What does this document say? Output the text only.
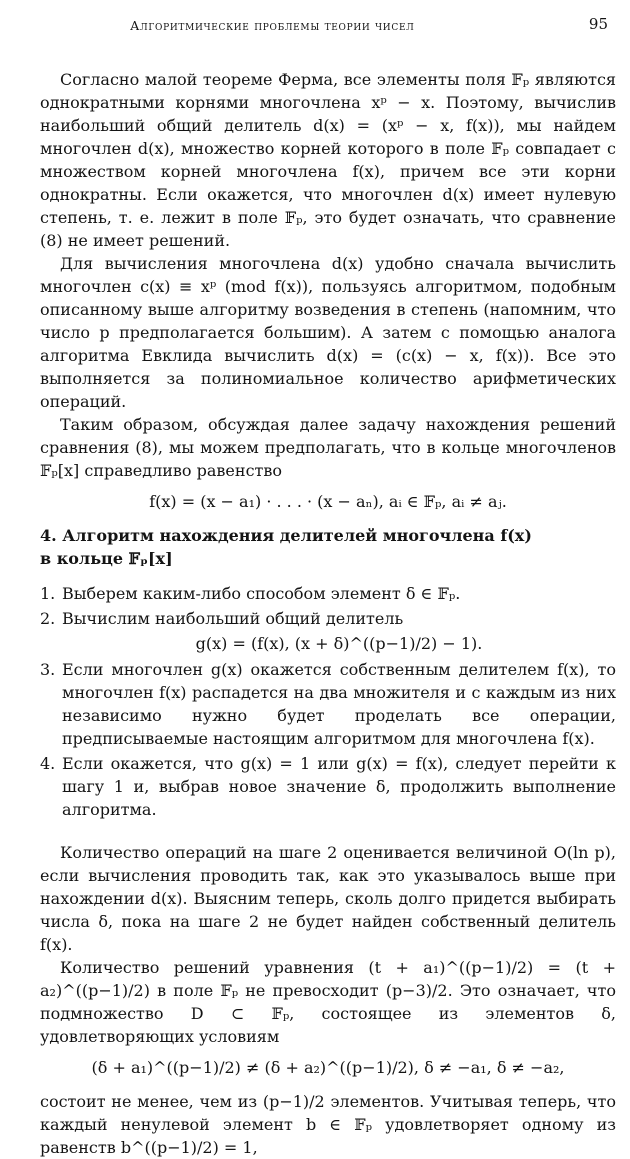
Алгоритмические проблемы теории чисел	95

Согласно малой теореме Ферма, все элементы поля 𝔽ₚ являются однократными корнями многочлена xᵖ − x. Поэтому, вычислив наибольший общий делитель d(x) = (xᵖ − x, f(x)), мы найдем многочлен d(x), множество корней которого в поле 𝔽ₚ совпадает с множеством корней многочлена f(x), причем все эти корни однократны. Если окажется, что многочлен d(x) имеет нулевую степень, т. е. лежит в поле 𝔽ₚ, это будет означать, что сравнение (8) не имеет решений.

Для вычисления многочлена d(x) удобно сначала вычислить многочлен c(x) ≡ xᵖ (mod f(x)), пользуясь алгоритмом, подобным описанному выше алгоритму возведения в степень (напомним, что число p предполагается большим). А затем с помощью аналога алгоритма Евклида вычислить d(x) = (c(x) − x, f(x)). Все это выполняется за полиномиальное количество арифметических операций.

Таким образом, обсуждая далее задачу нахождения решений сравнения (8), мы можем предполагать, что в кольце многочленов 𝔽ₚ[x] справедливо равенство

f(x) = (x − a₁) · . . . · (x − aₙ), aᵢ ∈ 𝔽ₚ, aᵢ ≠ aⱼ.
4. Алгоритм нахождения делителей многочлена f(x)
в кольце 𝔽ₚ[x]
1. Выберем каким-либо способом элемент δ ∈ 𝔽ₚ.
2. Вычислим наибольший общий делитель
g(x) = (f(x), (x + δ)^((p−1)/2) − 1).
3. Если многочлен g(x) окажется собственным делителем f(x), то многочлен f(x) распадется на два множителя и с каждым из них независимо нужно будет проделать все операции, предписываемые настоящим алгоритмом для многочлена f(x).
4. Если окажется, что g(x) = 1 или g(x) = f(x), следует перейти к шагу 1 и, выбрав новое значение δ, продолжить выполнение алгоритма.

Количество операций на шаге 2 оценивается величиной O(ln p), если вычисления проводить так, как это указывалось выше при нахождении d(x). Выясним теперь, сколь долго придется выбирать числа δ, пока на шаге 2 не будет найден собственный делитель f(x).

Количество решений уравнения (t + a₁)^((p−1)/2) = (t + a₂)^((p−1)/2) в поле 𝔽ₚ не превосходит (p−3)/2. Это означает, что подмножество D ⊂ 𝔽ₚ, состоящее из элементов δ, удовлетворяющих условиям

(δ + a₁)^((p−1)/2) ≠ (δ + a₂)^((p−1)/2), δ ≠ −a₁, δ ≠ −a₂,

состоит не менее, чем из (p−1)/2 элементов. Учитывая теперь, что каждый ненулевой элемент b ∈ 𝔽ₚ удовлетворяет одному из равенств b^((p−1)/2) = 1,
